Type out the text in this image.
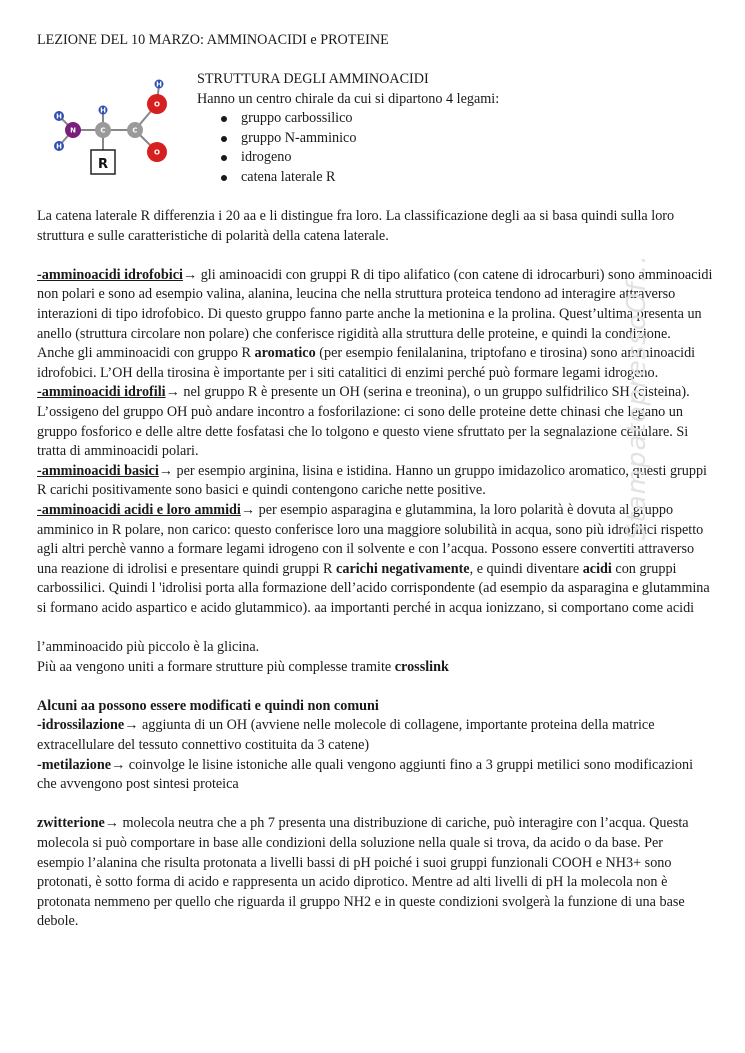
LEZIONE DEL 10 MARZO: AMMINOACIDI e PROTEINE
H
H
N
H
C	C
O
O
H
R
STRUTTURA DEGLI AMMINOACIDI
Hanno un centro chirale da cui si dipartono 4 legami:
gruppo carbossilico
gruppo N-amminico
idrogeno
catena laterale R

La catena laterale R differenzia i 20 aa e li distingue fra loro. La classificazione degli aa si basa quindi sulla loro struttura e sulle caratteristiche di polarità della catena laterale.

-amminoacidi idrofobici→ gli aminoacidi con gruppi R di tipo alifatico (con catene di idrocarburi) sono amminoacidi non polari e sono ad esempio valina, alanina, leucina che nella struttura proteica tendono ad interagire attraverso interazioni di tipo idrofobico. Di questo gruppo fanno parte anche la metionina e la prolina. Quest’ultima presenta un anello (struttura circolare non polare) che conferisce rigidità alla struttura delle proteine, e quindi la condizione.

Anche gli amminoacidi con gruppo R aromatico (per esempio fenilalanina, triptofano e tirosina) sono amminoacidi idrofobici. L’OH della tirosina è importante per i siti catalitici di enzimi perché può formare legami idrogeno.

-amminoacidi idrofili→ nel gruppo R è presente un OH (serina e treonina), o un gruppo sulfidrilico SH (cisteina). L’ossigeno del gruppo OH può andare incontro a fosforilazione: ci sono delle proteine dette chinasi che legano un gruppo fosforico e delle altre dette fosfatasi che lo tolgono e questo viene sfruttato per la segnalazione cellulare. Si tratta di amminoacidi polari.

-amminoacidi basici→ per esempio arginina, lisina e istidina. Hanno un gruppo imidazolico aromatico, questi gruppi R carichi positivamente sono basici e quindi contengono cariche nette positive.

-amminoacidi acidi e loro ammidi→ per esempio asparagina e glutammina, la loro polarità è dovuta al gruppo amminico in R polare, non carico: questo conferisce loro una maggiore solubilità in acqua, sono più idrofilici rispetto agli altri perchè vanno a formare legami idrogeno con il solvente e con l’acqua. Possono essere convertiti attraverso una reazione di idrolisi e presentare quindi gruppi R carichi negativamente, e quindi diventare acidi con gruppi carbossilici. Quindi l 'idrolisi porta alla formazione dell’acido corrispondente (ad esempio da asparagina e glutammina si formano acido aspartico e acido glutammico). aa importanti perché in acqua ionizzano, si comportano come acidi

l’amminoacido più piccolo è la glicina.

Più aa vengono uniti a formare strutture più complesse tramite crosslink

Alcuni aa possono essere modificati e quindi non comuni

-idrossilazione→ aggiunta di un OH (avviene nelle molecole di collagene, importante proteina della matrice extracellulare del tessuto connettivo costituita da 3 catene)

-metilazione→ coinvolge le lisine istoniche alle quali vengono aggiunti fino a 3 gruppi metilici sono modificazioni che avvengono post sintesi proteica

zwitterione→ molecola neutra che a ph 7 presenta una distribuzione di cariche, può interagire con l’acqua. Questa molecola si può comportare in base alle condizioni della soluzione nella quale si trova, da acido o da base. Per esempio l’alanina che risulta protonata a livelli bassi di pH poiché i suoi gruppi funzionali COOH e NH3+ sono protonati, è sotto forma di acido e rappresenta un acido diprotico. Mentre ad alti livelli di pH la molecola non è protonata nemmeno per quello che riguarda il gruppo NH2 e in queste condizioni svolgerà la funzione di una base debole.

StampatopressoOf...
